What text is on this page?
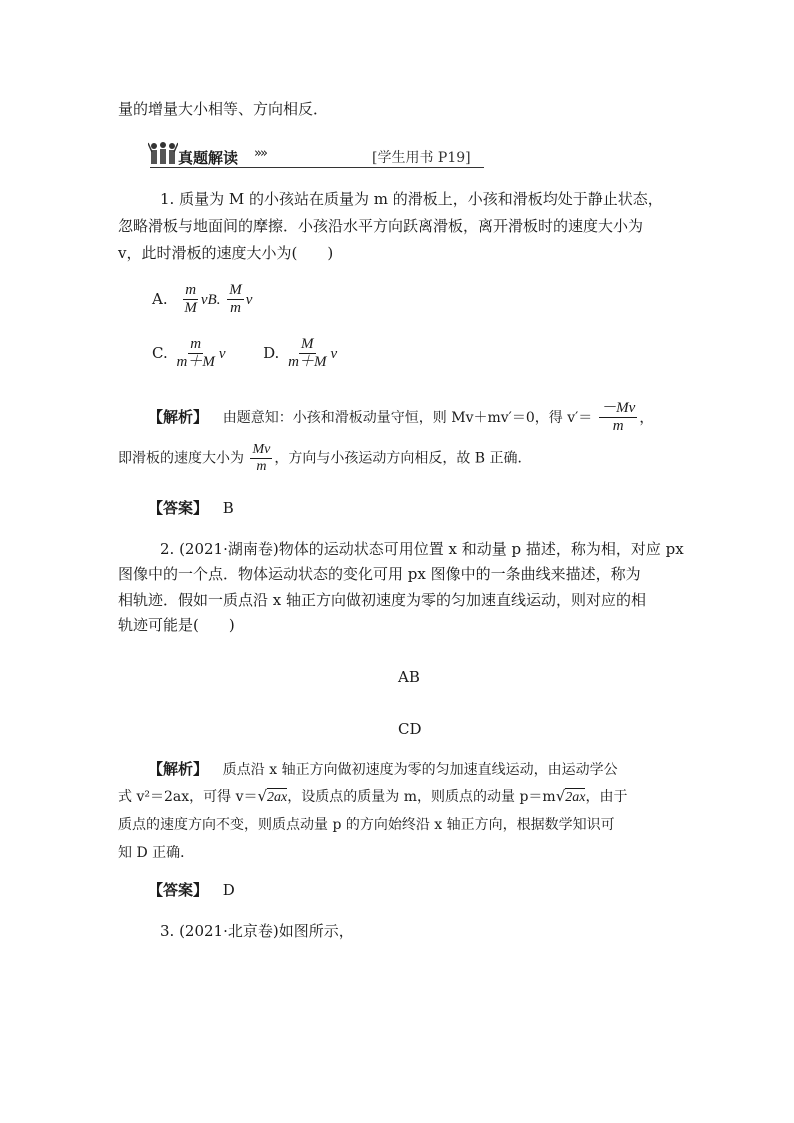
量的增量大小相等、方向相反．
真题解读 »»	[学生用书 P19]
1. 质量为 M 的小孩站在质量为 m 的滑板上，小孩和滑板均处于静止状态，
忽略滑板与地面间的摩擦．小孩沿水平方向跃离滑板，离开滑板时的速度大小为
v，此时滑板的速度大小为(　　)
A. $\frac{m}{M}$ vB. $\frac{M}{m}$ v
C. $\frac{m}{m+M}$ v	D. $\frac{M}{m+M}$ v
【解析】 由题意知：小孩和滑板动量守恒，则 Mv＋mv′＝0，得 $v'= \frac{-Mv}{m}$ ，
即滑板的速度大小为 $\frac{Mv}{m}$ ，方向与小孩运动方向相反，故 B 正确．
【答案】 B
2. (2021·湖南卷)物体的运动状态可用位置 x 和动量 p 描述，称为相，对应 px
图像中的一个点．物体运动状态的变化可用 px 图像中的一条曲线来描述，称为
相轨迹．假如一质点沿 x 轴正方向做初速度为零的匀加速直线运动，则对应的相
轨迹可能是(　　)
AB
CD
【解析】 质点沿 x 轴正方向做初速度为零的匀加速直线运动，由运动学公
式 v²＝2ax，可得 v＝√2ax，设质点的质量为 m，则质点的动量 p＝m√2ax，由于
质点的速度方向不变，则质点动量 p 的方向始终沿 x 轴正方向，根据数学知识可
知 D 正确．
【答案】 D
3. (2021·北京卷)如图所示，
